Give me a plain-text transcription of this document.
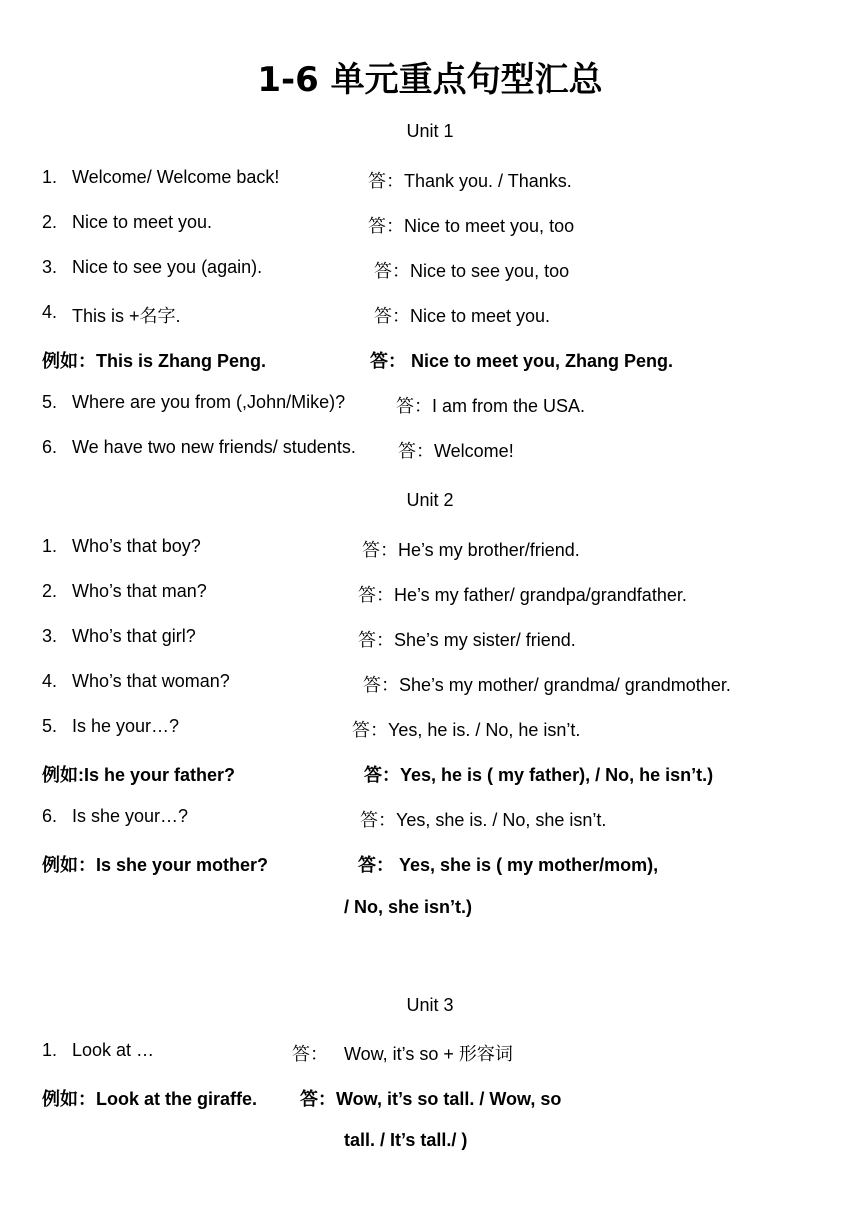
1-6 单元重点句型汇总
Unit 1
1. Welcome/ Welcome back!	答：Thank you. / Thanks.
2. Nice to meet you.	答：Nice to meet you, too
3. Nice to see you (again).	答：Nice to see you, too
4. This is +名字.	答：Nice to meet you.
例如：This is Zhang Peng.	答： Nice to meet you, Zhang Peng.
5. Where are you from (,John/Mike)?	答：I am from the USA.
6. We have two new friends/ students. 答：Welcome!
Unit 2
1. Who’s that boy?	答：He’s my brother/friend.
2. Who’s that man?	答：He’s my father/ grandpa/grandfather.
3. Who’s that girl?	答：She’s my sister/ friend.
4. Who’s that woman?	答：She’s my mother/ grandma/ grandmother.
5. Is he your…?	答：Yes, he is. / No, he isn’t.
例如:Is he your father?	答：Yes, he is ( my father), / No, he isn’t.)
6. Is she your…?	答：Yes, she is. / No, she isn’t.
例如：Is she your mother?	答： Yes, she is ( my mother/mom),
/ No, she isn’t.)
Unit 3
1. Look at …	答： Wow, it’s so + 形容词
例如：Look at the giraffe. 答：Wow, it’s so tall. / Wow, so
tall. / It’s tall./ )
